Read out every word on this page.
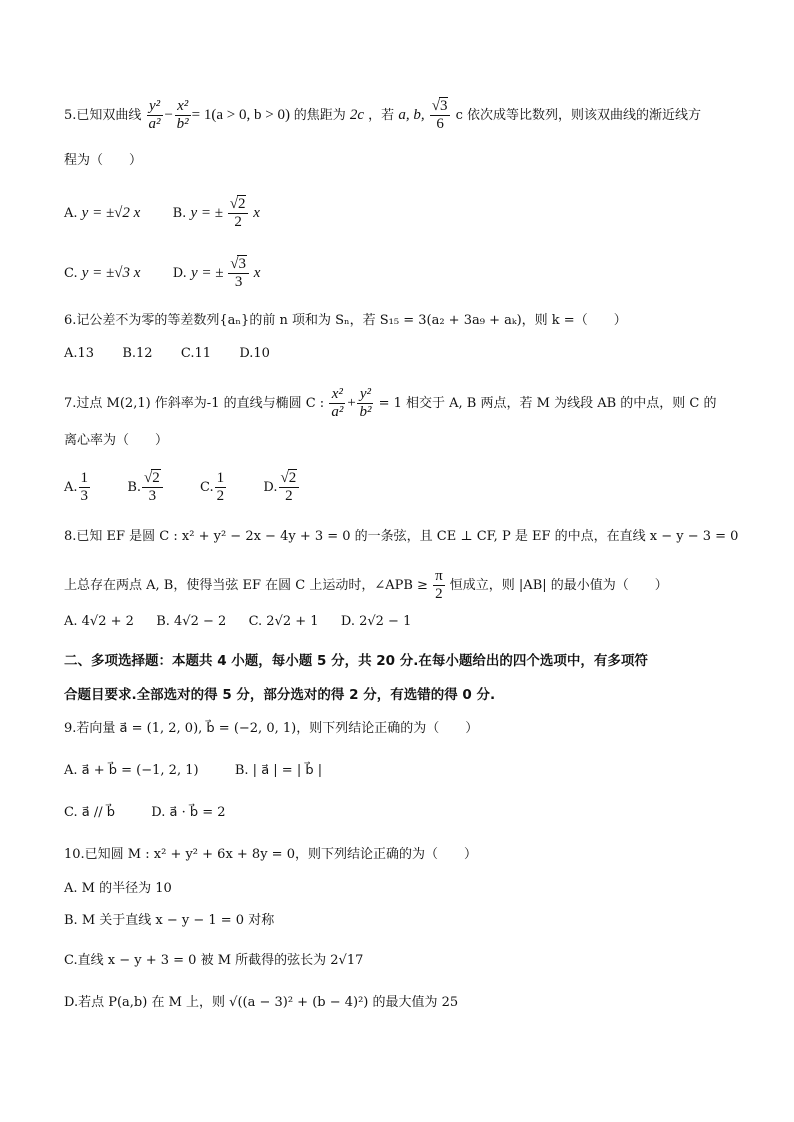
5.已知双曲线 $\frac{\text{y²}}{\text{a²}} - \frac{\text{x²}}{\text{b²}} = 1(a > 0$, b > 0) 的焦距为 2c ，若 a, b, $\frac{√3}{6}$ c 依次成等比数列，则该双曲线的渐近线方
程为（　　）
A. y = ±√2 x B. y = ± $\frac{√2}{2}$ x
C. y = ±√3 x D. y = ± $\frac{√3}{3}$ x
6.记公差不为零的等差数列{aₙ}的前 n 项和为 Sₙ，若 S₁₅ = 3(a₂ + 3a₉ + aₖ)，则 k =（　　）
A.13 B.12 C.11 D.10
7.过点 M(2,1) 作斜率为-1 的直线与椭圆 C : $\frac{\text{x²}}{\text{a²}} + \frac{\text{y²}}{\text{b²}} = 1$ 相交于 A, B 两点，若 M 为线段 AB 的中点，则 C 的
离心率为（　　）
A. $\frac{1}{3}$	B. $\frac{√2}{3}$	C. $\frac{1}{2}$	D. $\frac{√2}{2}$
8.已知 EF 是圆 C : x² + y² − 2x − 4y + 3 = 0 的一条弦，且 CE ⊥ CF, P 是 EF 的中点，在直线 x − y − 3 = 0
上总存在两点 A, B，使得当弦 EF 在圆 C 上运动时，∠APB ≥ $\frac{\pi}{2}$ 恒成立，则 |AB| 的最小值为（　　）
A. 4√2 + 2 B. 4√2 − 2 C. 2√2 + 1 D. 2√2 − 1
二、多项选择题：本题共 4 小题，每小题 5 分，共 20 分.在每小题给出的四个选项中，有多项符
合题目要求.全部选对的得 5 分，部分选对的得 2 分，有选错的得 0 分.
9.若向量 a⃗ = (1, 2, 0), b⃗ = (−2, 0, 1)，则下列结论正确的为（　　）
A. a⃗ + b⃗ = (−1, 2, 1)	B. | a⃗ | = | b⃗ |
C. a⃗ // b⃗	D. a⃗ · b⃗ = 2
10.已知圆 M : x² + y² + 6x + 8y = 0，则下列结论正确的为（　　）
A. M 的半径为 10
B. M 关于直线 x − y − 1 = 0 对称
C.直线 x − y + 3 = 0 被 M 所截得的弦长为 2√17
D.若点 P(a,b) 在 M 上，则 √((a − 3)² + (b − 4)²) 的最大值为 25
